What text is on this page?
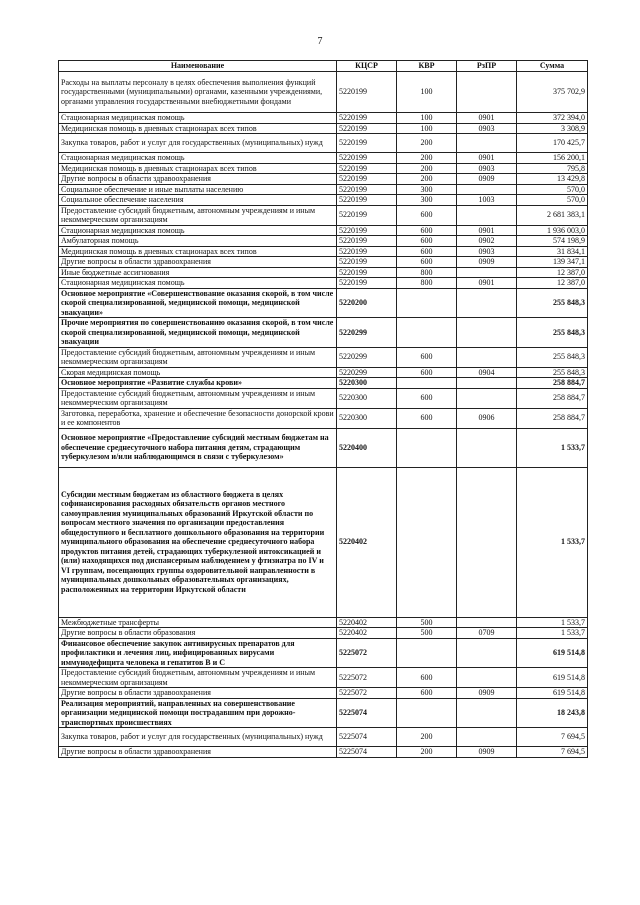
7
Наименование	КЦСР	КВР	РзПР	Сумма
Расходы на выплаты персоналу в целях обеспечения выполнения функций государственными (муниципальными) органами, казенными учреждениями, органами управления государственными внебюджетными фондами	5220199	100		375 702,9
Стационарная медицинская помощь	5220199	100	0901	372 394,0
Медицинская помощь в дневных стационарах всех типов	5220199	100	0903	3 308,9
Закупка товаров, работ и услуг для государственных (муниципальных) нужд	5220199	200		170 425,7
Стационарная медицинская помощь	5220199	200	0901	156 200,1
Медицинская помощь в дневных стационарах всех типов	5220199	200	0903	795,8
Другие вопросы в области здравоохранения	5220199	200	0909	13 429,8
Социальное обеспечение и иные выплаты населению	5220199	300		570,0
Социальное обеспечение населения	5220199	300	1003	570,0
Предоставление субсидий бюджетным, автономным учреждениям и иным некоммерческим организациям	5220199	600		2 681 383,1
Стационарная медицинская помощь	5220199	600	0901	1 936 003,0
Амбулаторная помощь	5220199	600	0902	574 198,9
Медицинская помощь в дневных стационарах всех типов	5220199	600	0903	31 834,1
Другие вопросы в области здравоохранения	5220199	600	0909	139 347,1
Иные бюджетные ассигнования	5220199	800		12 387,0
Стационарная медицинская помощь	5220199	800	0901	12 387,0
Основное мероприятие «Совершенствование оказания скорой, в том числе скорой специализированной, медицинской помощи, медицинской эвакуации»	5220200			255 848,3
Прочие мероприятия по совершенствованию оказания скорой, в том числе скорой специализированной, медицинской помощи, медицинской эвакуации	5220299			255 848,3
Предоставление субсидий бюджетным, автономным учреждениям и иным некоммерческим организациям	5220299	600		255 848,3
Скорая медицинская помощь	5220299	600	0904	255 848,3
Основное мероприятие «Развитие службы крови»	5220300			258 884,7
Предоставление субсидий бюджетным, автономным учреждениям и иным некоммерческим организациям	5220300	600		258 884,7
Заготовка, переработка, хранение и обеспечение безопасности донорской крови и ее компонентов	5220300	600	0906	258 884,7
Основное мероприятие «Предоставление субсидий местным бюджетам на обеспечение среднесуточного набора питания детям, страдающим туберкулезом и/или наблюдающимся в связи с туберкулезом»	5220400			1 533,7
Субсидии местным бюджетам из областного бюджета в целях софинансирования расходных обязательств органов местного самоуправления муниципальных образований Иркутской области по вопросам местного значения по организации предоставления общедоступного и бесплатного дошкольного образования на территории муниципального образования на обеспечение среднесуточного набора продуктов питания детей, страдающих туберкулезной интоксикацией и (или) находящихся под диспансерным наблюдением у фтизиатра по IV и VI группам, посещающих группы оздоровительной направленности в муниципальных дошкольных образовательных организациях, расположенных на территории Иркутской области	5220402			1 533,7
Межбюджетные трансферты	5220402	500		1 533,7
Другие вопросы в области образования	5220402	500	0709	1 533,7
Финансовое обеспечение закупок антивирусных препаратов для профилактики и лечения лиц, инфицированных вирусами иммунодефицита человека и гепатитов В и С	5225072			619 514,8
Предоставление субсидий бюджетным, автономным учреждениям и иным некоммерческим организациям	5225072	600		619 514,8
Другие вопросы в области здравоохранения	5225072	600	0909	619 514,8
Реализация мероприятий, направленных на совершенствование организации медицинской помощи пострадавшим при дорожно-транспортных происшествиях	5225074			18 243,8
Закупка товаров, работ и услуг для государственных (муниципальных) нужд	5225074	200		7 694,5
Другие вопросы в области здравоохранения	5225074	200	0909	7 694,5
